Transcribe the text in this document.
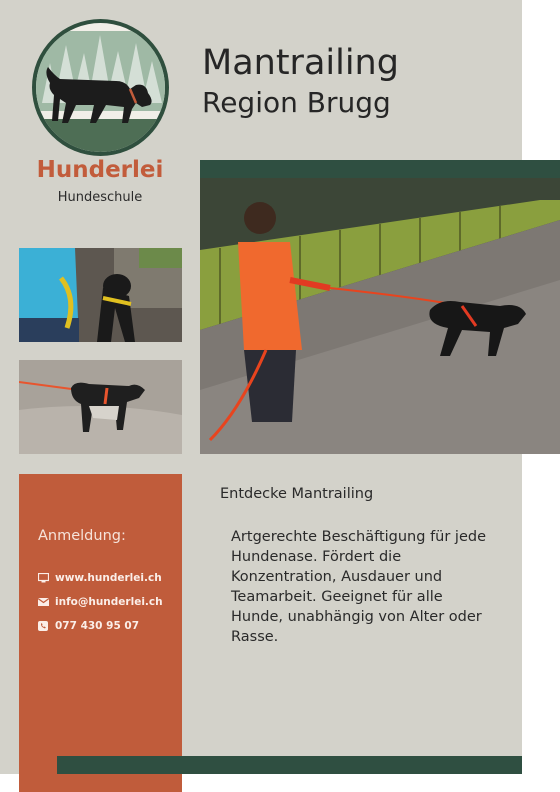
Hunderlei
Hundeschule
Mantrailing
Region Brugg
Anmeldung:
www.hunderlei.ch
info@hunderlei.ch
077 430 95 07
Entdecke Mantrailing
Artgerechte Beschäftigung für jede Hundenase. Fördert die Konzentration, Ausdauer und Teamarbeit. Geeignet für alle Hunde, unabhängig von Alter oder Rasse.
